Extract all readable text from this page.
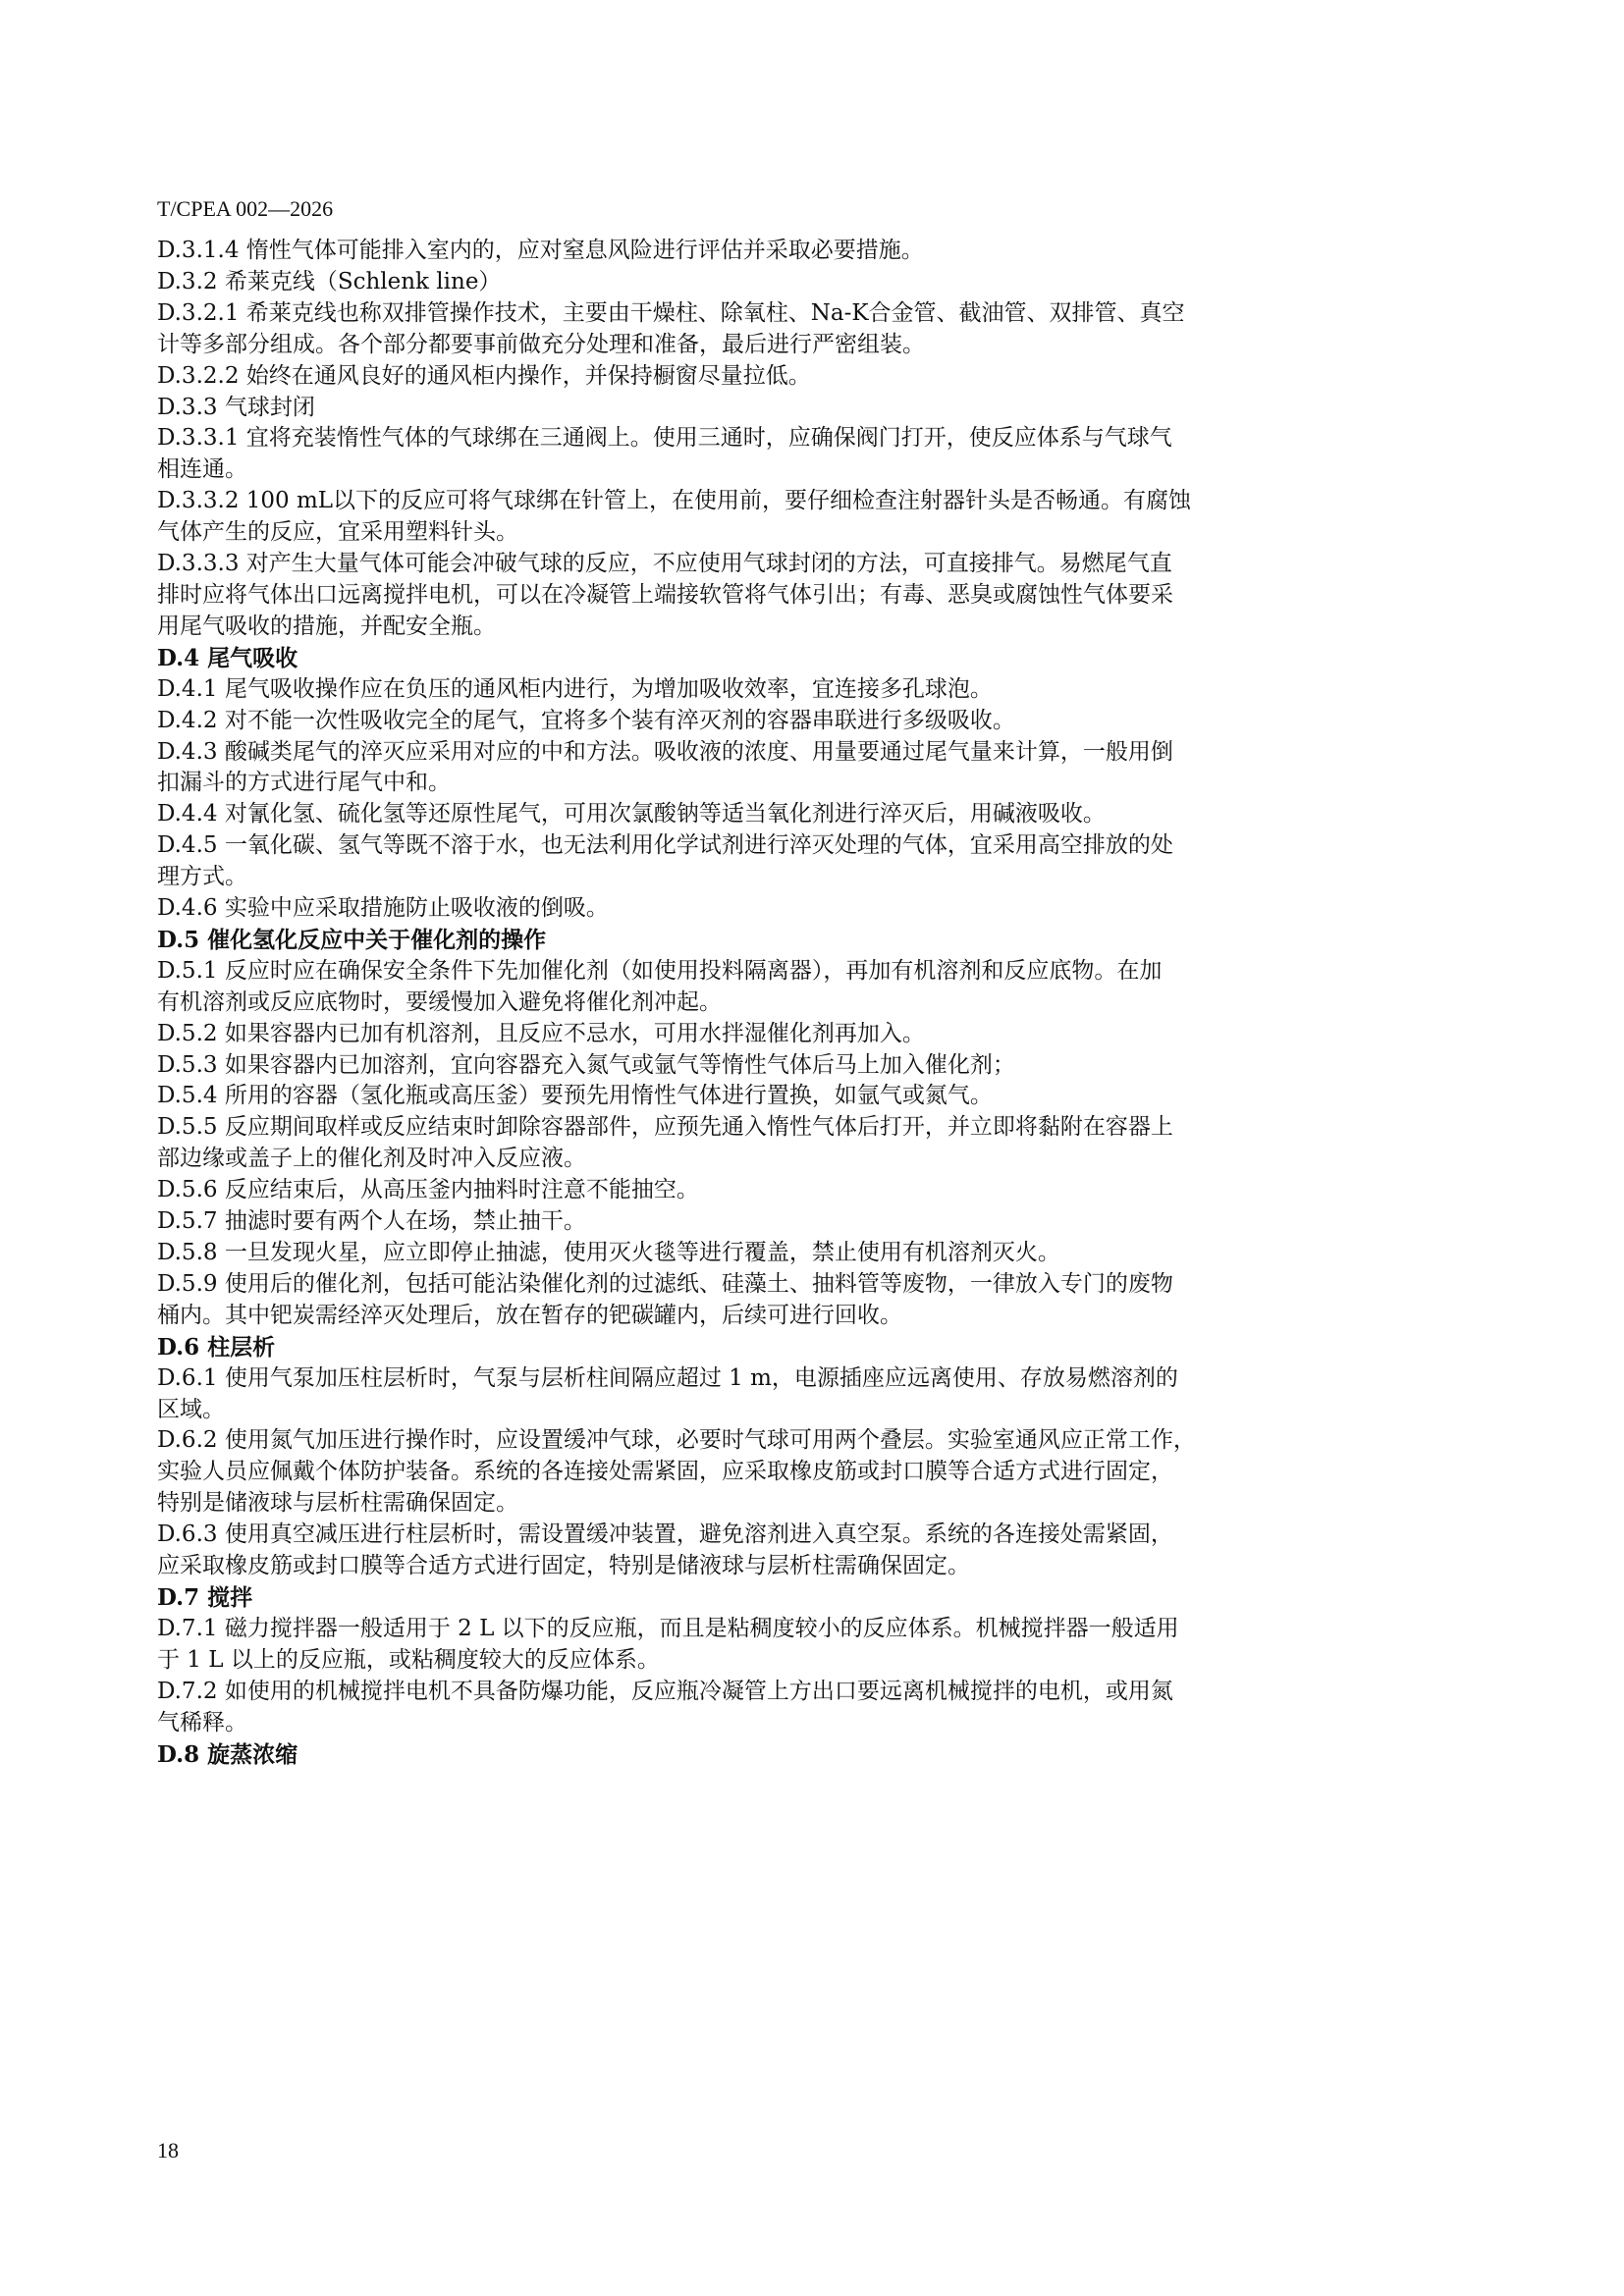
T/CPEA 002—2026
D.3.1.4 惰性气体可能排入室内的，应对窒息风险进行评估并采取必要措施。
D.3.2 希莱克线（Schlenk line）
D.3.2.1 希莱克线也称双排管操作技术，主要由干燥柱、除氧柱、Na-K合金管、截油管、双排管、真空
计等多部分组成。各个部分都要事前做充分处理和准备，最后进行严密组装。
D.3.2.2 始终在通风良好的通风柜内操作，并保持橱窗尽量拉低。
D.3.3 气球封闭
D.3.3.1 宜将充装惰性气体的气球绑在三通阀上。使用三通时，应确保阀门打开，使反应体系与气球气
相连通。
D.3.3.2 100 mL以下的反应可将气球绑在针管上，在使用前，要仔细检查注射器针头是否畅通。有腐蚀
气体产生的反应，宜采用塑料针头。
D.3.3.3 对产生大量气体可能会冲破气球的反应，不应使用气球封闭的方法，可直接排气。易燃尾气直
排时应将气体出口远离搅拌电机，可以在冷凝管上端接软管将气体引出；有毒、恶臭或腐蚀性气体要采
用尾气吸收的措施，并配安全瓶。
D.4 尾气吸收
D.4.1 尾气吸收操作应在负压的通风柜内进行，为增加吸收效率，宜连接多孔球泡。
D.4.2 对不能一次性吸收完全的尾气，宜将多个装有淬灭剂的容器串联进行多级吸收。
D.4.3 酸碱类尾气的淬灭应采用对应的中和方法。吸收液的浓度、用量要通过尾气量来计算，一般用倒
扣漏斗的方式进行尾气中和。
D.4.4 对氰化氢、硫化氢等还原性尾气，可用次氯酸钠等适当氧化剂进行淬灭后，用碱液吸收。
D.4.5 一氧化碳、氢气等既不溶于水，也无法利用化学试剂进行淬灭处理的气体，宜采用高空排放的处
理方式。
D.4.6 实验中应采取措施防止吸收液的倒吸。
D.5 催化氢化反应中关于催化剂的操作
D.5.1 反应时应在确保安全条件下先加催化剂（如使用投料隔离器），再加有机溶剂和反应底物。在加
有机溶剂或反应底物时，要缓慢加入避免将催化剂冲起。
D.5.2 如果容器内已加有机溶剂，且反应不忌水，可用水拌湿催化剂再加入。
D.5.3 如果容器内已加溶剂，宜向容器充入氮气或氩气等惰性气体后马上加入催化剂；
D.5.4 所用的容器（氢化瓶或高压釜）要预先用惰性气体进行置换，如氩气或氮气。
D.5.5 反应期间取样或反应结束时卸除容器部件，应预先通入惰性气体后打开，并立即将黏附在容器上
部边缘或盖子上的催化剂及时冲入反应液。
D.5.6 反应结束后，从高压釜内抽料时注意不能抽空。
D.5.7 抽滤时要有两个人在场，禁止抽干。
D.5.8 一旦发现火星，应立即停止抽滤，使用灭火毯等进行覆盖，禁止使用有机溶剂灭火。
D.5.9 使用后的催化剂，包括可能沾染催化剂的过滤纸、硅藻土、抽料管等废物，一律放入专门的废物
桶内。其中钯炭需经淬灭处理后，放在暂存的钯碳罐内，后续可进行回收。
D.6 柱层析
D.6.1 使用气泵加压柱层析时，气泵与层析柱间隔应超过 1 m，电源插座应远离使用、存放易燃溶剂的
区域。
D.6.2 使用氮气加压进行操作时，应设置缓冲气球，必要时气球可用两个叠层。实验室通风应正常工作，
实验人员应佩戴个体防护装备。系统的各连接处需紧固，应采取橡皮筋或封口膜等合适方式进行固定，
特别是储液球与层析柱需确保固定。
D.6.3 使用真空减压进行柱层析时，需设置缓冲装置，避免溶剂进入真空泵。系统的各连接处需紧固，
应采取橡皮筋或封口膜等合适方式进行固定，特别是储液球与层析柱需确保固定。
D.7 搅拌
D.7.1 磁力搅拌器一般适用于 2 L 以下的反应瓶，而且是粘稠度较小的反应体系。机械搅拌器一般适用
于 1 L 以上的反应瓶，或粘稠度较大的反应体系。
D.7.2 如使用的机械搅拌电机不具备防爆功能，反应瓶冷凝管上方出口要远离机械搅拌的电机，或用氮
气稀释。
D.8 旋蒸浓缩
18
